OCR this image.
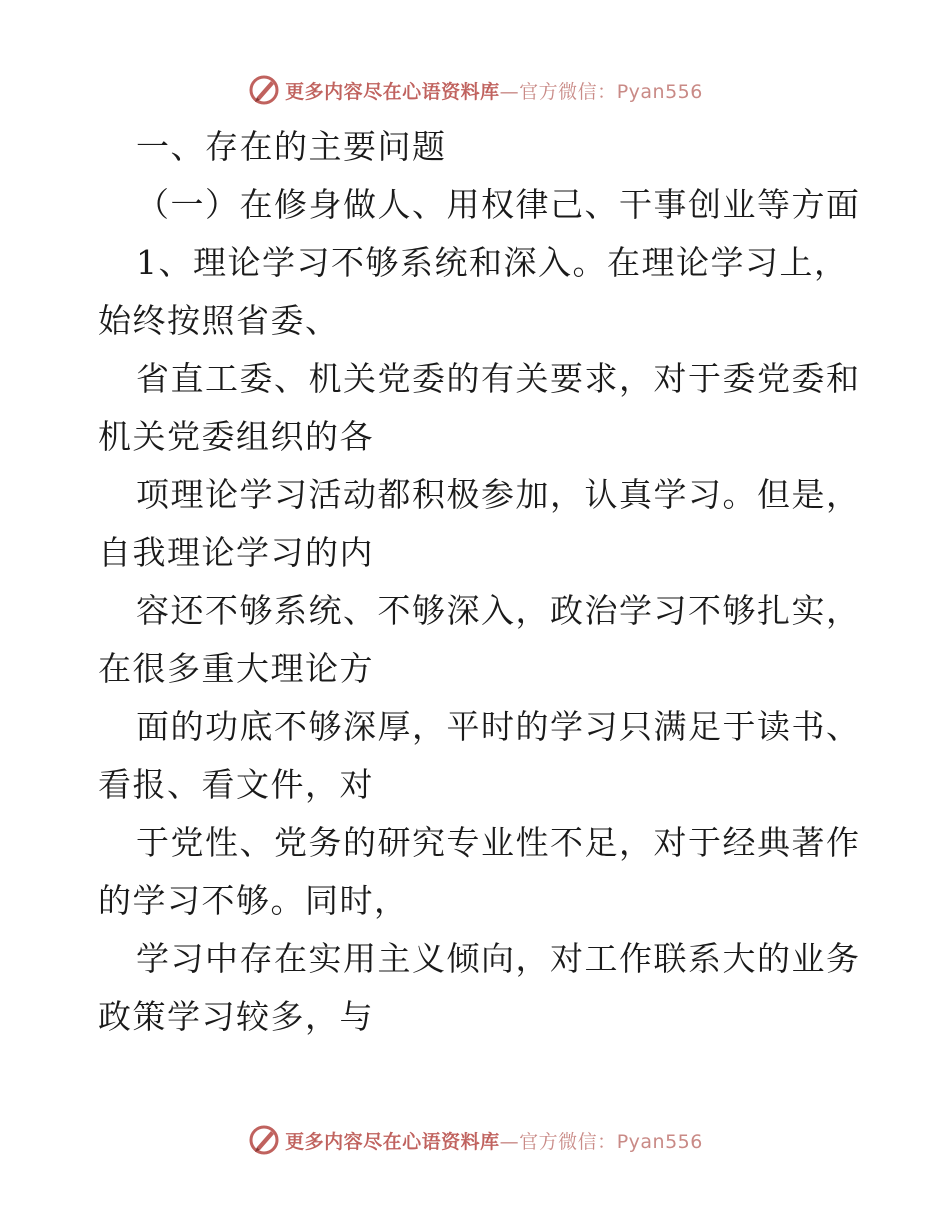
更多内容尽在心语资料库—官方微信：Pyan556
一、存在的主要问题
（一）在修身做人、用权律己、干事创业等方面
1、理论学习不够系统和深入。在理论学习上，
始终按照省委、
省直工委、机关党委的有关要求，对于委党委和
机关党委组织的各
项理论学习活动都积极参加，认真学习。但是，
自我理论学习的内
容还不够系统、不够深入，政治学习不够扎实，
在很多重大理论方
面的功底不够深厚，平时的学习只满足于读书、
看报、看文件，对
于党性、党务的研究专业性不足，对于经典著作
的学习不够。同时，
学习中存在实用主义倾向，对工作联系大的业务
政策学习较多，与
更多内容尽在心语资料库—官方微信：Pyan556
